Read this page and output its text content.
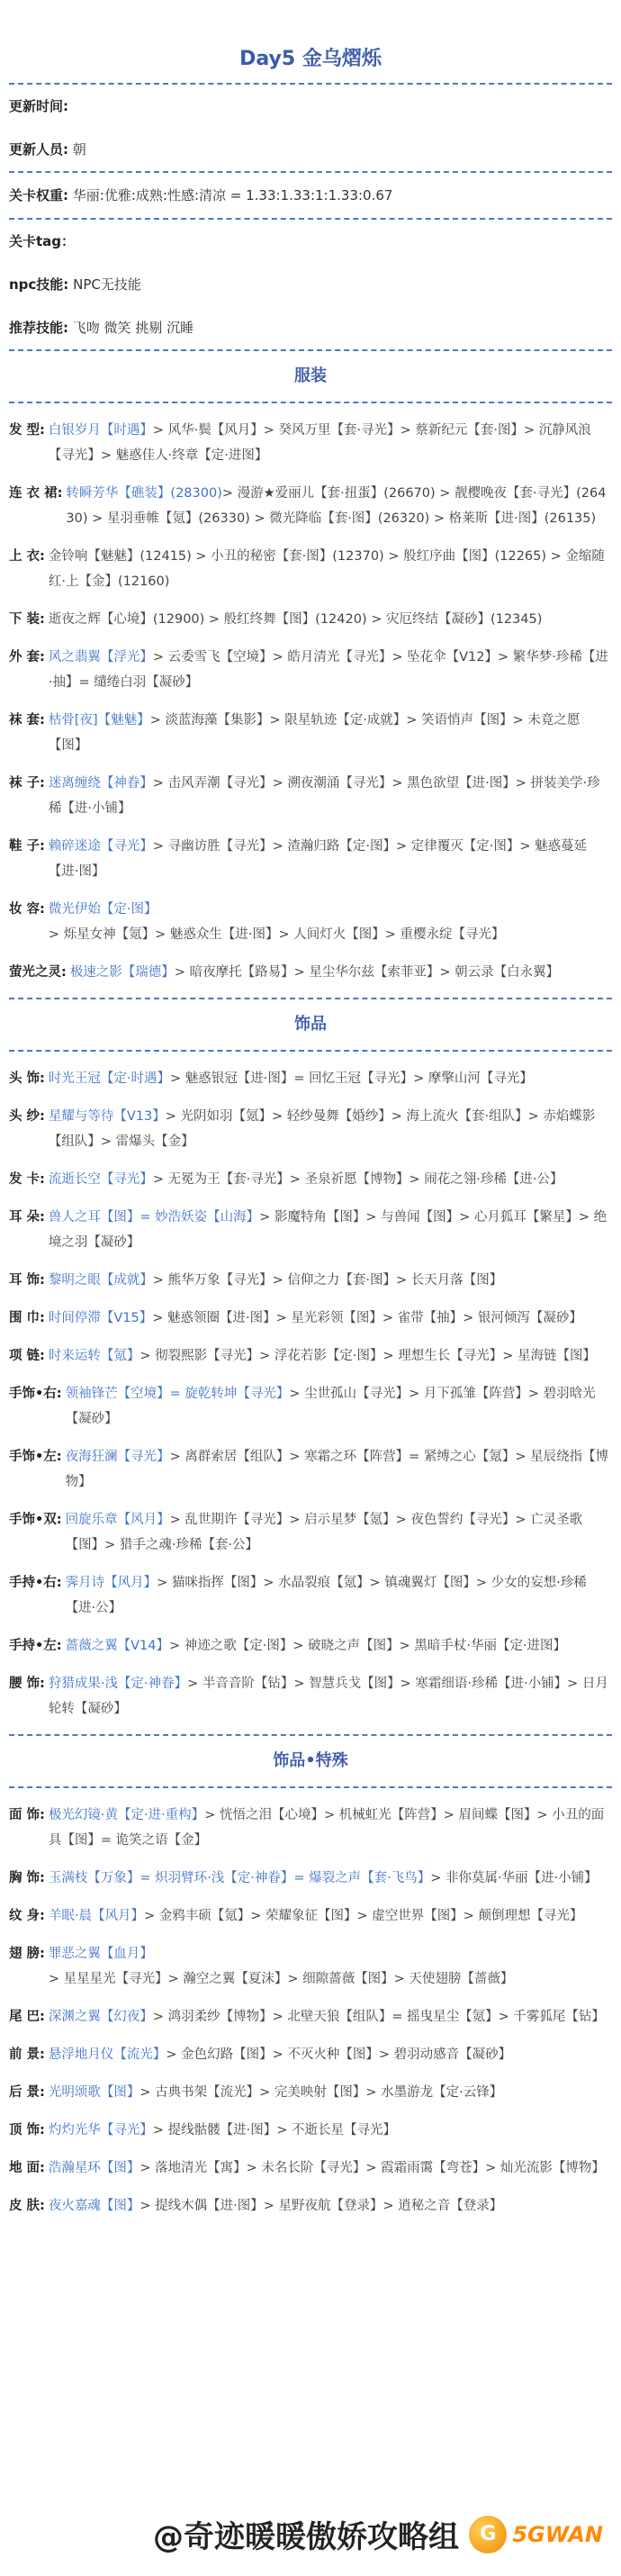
Day5 金乌熠烁
更新时间:
更新人员: 朝
关卡权重: 华丽:优雅:成熟:性感:清凉 = 1.33:1.33:1:1.33:0.67
关卡tag：
npc技能: NPC无技能
推荐技能: 飞吻 微笑 挑剔 沉睡
服装
发 型: 白银岁月【时遇】> 风华·鬓【风月】> 癸风万里【套·寻光】> 蔡新纪元【套·图】> 沉静风浪【寻光】> 魅惑佳人·终章【定·进图】
连 衣 裙: 转瞬芳华【礁装】(28300)> 漫游★爱丽儿【套·扭蛋】(26670) > 靓樱晚夜【套·寻光】(26430) > 星羽垂帷【氪】(26330) > 微光降临【套·图】(26320) > 格莱斯【进·图】(26135)
上 衣: 金铃响【魅魅】(12415) > 小丑的秘密【套·图】(12370) > 般红序曲【图】(12265) > 金缩随红·上【金】(12160)
下 装: 逝夜之辉【心境】(12900) > 般红终舞【图】(12420) > 灾厄终结【凝砂】(12345)
外 套: 风之翡翼【浮光】> 云委雪飞【空境】> 皓月清光【寻光】> 坠花伞【V12】> 繁华梦·珍稀【进·抽】= 缱绻白羽【凝砂】
袜 套: 枯骨[夜]【魅魅】> 淡蓝海藻【集影】> 限星轨迹【定·成就】> 笑语悄声【图】> 未竟之愿【图】
袜 子: 迷离缠绕【神眷】> 击风弄潮【寻光】> 溯夜潮涌【寻光】> 黑色欲望【进·图】> 拼装美学·珍稀【进·小铺】
鞋 子: 赖碎迷途【寻光】> 寻幽访胜【寻光】> 渣瀚归路【定·图】> 定律覆灭【定·图】> 魅惑蔓延【进·图】
妆 容: 微光伊始【定·图】> 烁星女神【氪】> 魅惑众生【进·图】> 人间灯火【图】> 重樱永绽【寻光】
萤光之灵: 极速之影【瑞德】> 暗夜摩托【路易】> 星尘华尔兹【索菲亚】> 朝云录【白永翼】
饰品
头 饰: 时光王冠【定·时遇】> 魅惑银冠【进·图】= 回忆王冠【寻光】> 摩擎山河【寻光】
头 纱: 星耀与等待【V13】> 光阴如羽【氪】> 轻纱曼舞【婚纱】> 海上流火【套·组队】> 赤焰蝶影【组队】> 雷爆头【金】
发 卡: 流逝长空【寻光】> 无冕为王【套·寻光】> 圣泉祈愿【博物】> 闹花之翎·珍稀【进·公】
耳 朵: 兽人之耳【图】= 妙浩妖姿【山海】> 影魔特角【图】> 与兽闻【图】> 心月狐耳【繁星】> 绝境之羽【凝砂】
耳 饰: 黎明之眼【成就】> 熊华万象【寻光】> 信仰之力【套·图】> 长天月落【图】
围 巾: 时间停滞【V15】> 魅惑领圈【进·图】> 星光彩领【图】> 雀带【抽】> 银河倾泻【凝砂】
项 链: 时来运转【氪】> 彻裂熙影【寻光】> 浮花若影【定·图】> 理想生长【寻光】> 星海链【图】
手饰•右: 领袖锋芒【空境】= 旋乾转坤【寻光】> 尘世孤山【寻光】> 月下孤雏【阵营】> 碧羽晗光【凝砂】
手饰•左: 夜海狂澜【寻光】> 离群索居【组队】> 寒霜之环【阵营】= 紧缚之心【氪】> 星辰绕指【博物】
手饰•双: 回旋乐章【风月】> 乱世期许【寻光】> 启示星梦【氪】> 夜色誓约【寻光】> 亡灵圣歌【图】> 猎手之魂·珍稀【套·公】
手持•右: 霁月诗【风月】> 猫咪指挥【图】> 水晶裂痕【氪】> 镇魂翼灯【图】> 少女的妄想·珍稀【进·公】
手持•左: 蔷薇之翼【V14】> 神迹之歌【定·图】> 破晓之声【图】> 黑暗手杖·华丽【定·进图】
腰 饰: 狩猎成果·浅【定·神眷】> 半音音阶【钻】> 智慧兵戈【图】> 寒霜细语·珍稀【进·小铺】> 日月轮转【凝砂】
饰品•特殊
面 饰: 极光幻镜·黄【定·进·重构】> 恍悟之泪【心境】> 机械虹光【阵营】> 眉间蝶【图】> 小丑的面具【图】= 诡笑之语【金】
胸 饰: 玉满枝【万象】= 炽羽臂环·浅【定·神眷】= 爆裂之声【套·飞鸟】> 非你莫属·华丽【进·小铺】
纹 身: 羊眠·晨【风月】> 金鸦丰硕【氪】> 荣耀象征【图】> 虚空世界【图】> 颠倒理想【寻光】
翅 膀: 罪恶之翼【血月】> 星星星光【寻光】> 瀚空之翼【夏沫】> 细隙蔷薇【图】> 天使翅膀【蔷薇】
尾 巴: 深渊之翼【幻夜】> 鸿羽柔纱【博物】> 北壁天狼【组队】= 摇曳星尘【氪】> 千雾狐尾【钻】
前 景: 悬浮地月仪【流光】> 金色幻路【图】> 不灭火种【图】> 碧羽动感音【凝砂】
后 景: 光明颂歌【图】> 古典书架【流光】> 完美映射【图】> 水墨游龙【定·云锋】
顶 饰: 灼灼光华【寻光】> 提线骷髅【进·图】> 不逝长星【寻光】
地 面: 浩瀚星环【图】> 落地清光【寓】> 未名长阶【寻光】> 霞霜雨霭【弯苍】> 灿光流影【博物】
皮 肤: 夜火嘉魂【图】> 提线木偶【进·图】> 星野夜航【登录】> 逍秘之音【登录】
@奇迹暖暖傲娇攻略组	G 5GWAN
